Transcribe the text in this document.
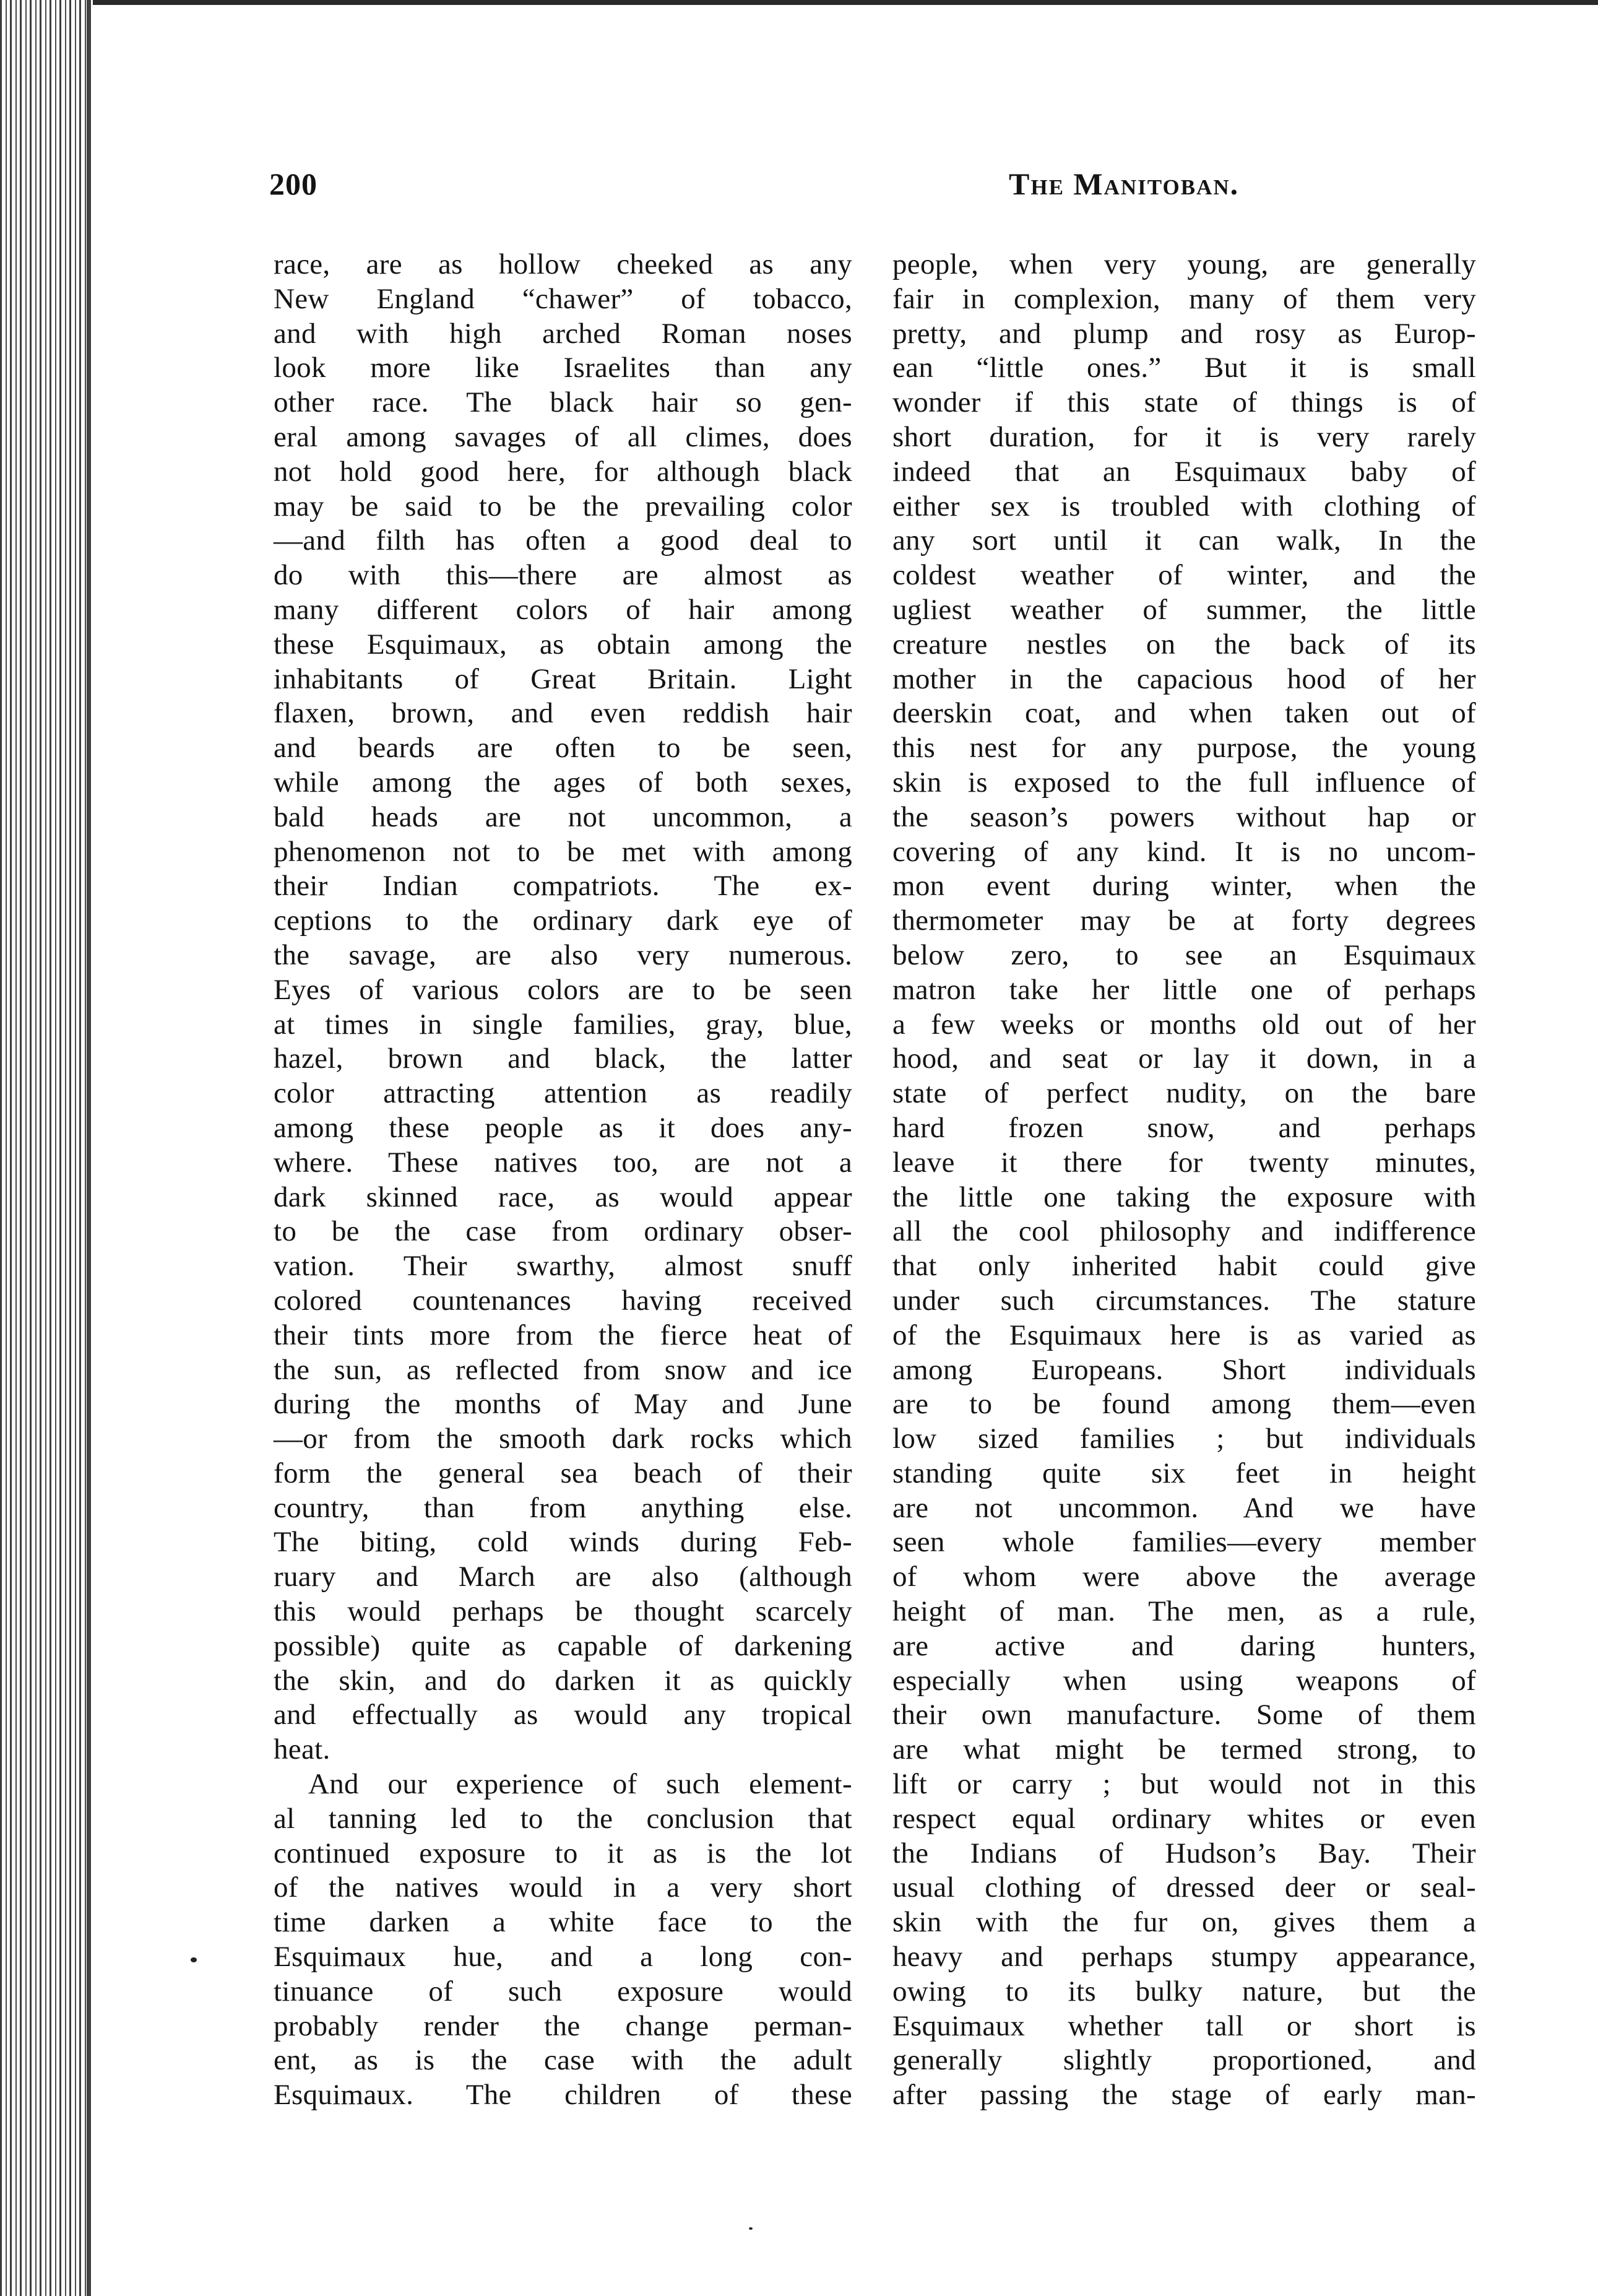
200	The Manitoban.
race, are as hollow cheeked as any
New England “chawer” of tobacco,
and with high arched Roman noses
look more like Israelites than any
other race. The black hair so gen-
eral among savages of all climes, does
not hold good here, for although black
may be said to be the prevailing color
—and filth has often a good deal to
do with this—there are almost as
many different colors of hair among
these Esquimaux, as obtain among the
inhabitants of Great Britain. Light
flaxen, brown, and even reddish hair
and beards are often to be seen,
while among the ages of both sexes,
bald heads are not uncommon, a
phenomenon not to be met with among
their Indian compatriots. The ex-
ceptions to the ordinary dark eye of
the savage, are also very numerous.
Eyes of various colors are to be seen
at times in single families, gray, blue,
hazel, brown and black, the latter
color attracting attention as readily
among these people as it does any-
where. These natives too, are not a
dark skinned race, as would appear
to be the case from ordinary obser-
vation. Their swarthy, almost snuff
colored countenances having received
their tints more from the fierce heat of
the sun, as reflected from snow and ice
during the months of May and June
—or from the smooth dark rocks which
form the general sea beach of their
country, than from anything else.
The biting, cold winds during Feb-
ruary and March are also (although
this would perhaps be thought scarcely
possible) quite as capable of darkening
the skin, and do darken it as quickly
and effectually as would any tropical
heat.
And our experience of such element-
al tanning led to the conclusion that
continued exposure to it as is the lot
of the natives would in a very short
time darken a white face to the
Esquimaux hue, and a long con-
tinuance of such exposure would
probably render the change perman-
ent, as is the case with the adult
Esquimaux. The children of these
people, when very young, are generally
fair in complexion, many of them very
pretty, and plump and rosy as Europ-
ean “little ones.” But it is small
wonder if this state of things is of
short duration, for it is very rarely
indeed that an Esquimaux baby of
either sex is troubled with clothing of
any sort until it can walk, In the
coldest weather of winter, and the
ugliest weather of summer, the little
creature nestles on the back of its
mother in the capacious hood of her
deerskin coat, and when taken out of
this nest for any purpose, the young
skin is exposed to the full influence of
the season’s powers without hap or
covering of any kind. It is no uncom-
mon event during winter, when the
thermometer may be at forty degrees
below zero, to see an Esquimaux
matron take her little one of perhaps
a few weeks or months old out of her
hood, and seat or lay it down, in a
state of perfect nudity, on the bare
hard frozen snow, and perhaps
leave it there for twenty minutes,
the little one taking the exposure with
all the cool philosophy and indifference
that only inherited habit could give
under such circumstances. The stature
of the Esquimaux here is as varied as
among Europeans. Short individuals
are to be found among them—even
low sized families ; but individuals
standing quite six feet in height
are not uncommon. And we have
seen whole families—every member
of whom were above the average
height of man. The men, as a rule,
are active and daring hunters,
especially when using weapons of
their own manufacture. Some of them
are what might be termed strong, to
lift or carry ; but would not in this
respect equal ordinary whites or even
the Indians of Hudson’s Bay. Their
usual clothing of dressed deer or seal-
skin with the fur on, gives them a
heavy and perhaps stumpy appearance,
owing to its bulky nature, but the
Esquimaux whether tall or short is
generally slightly proportioned, and
after passing the stage of early man-
